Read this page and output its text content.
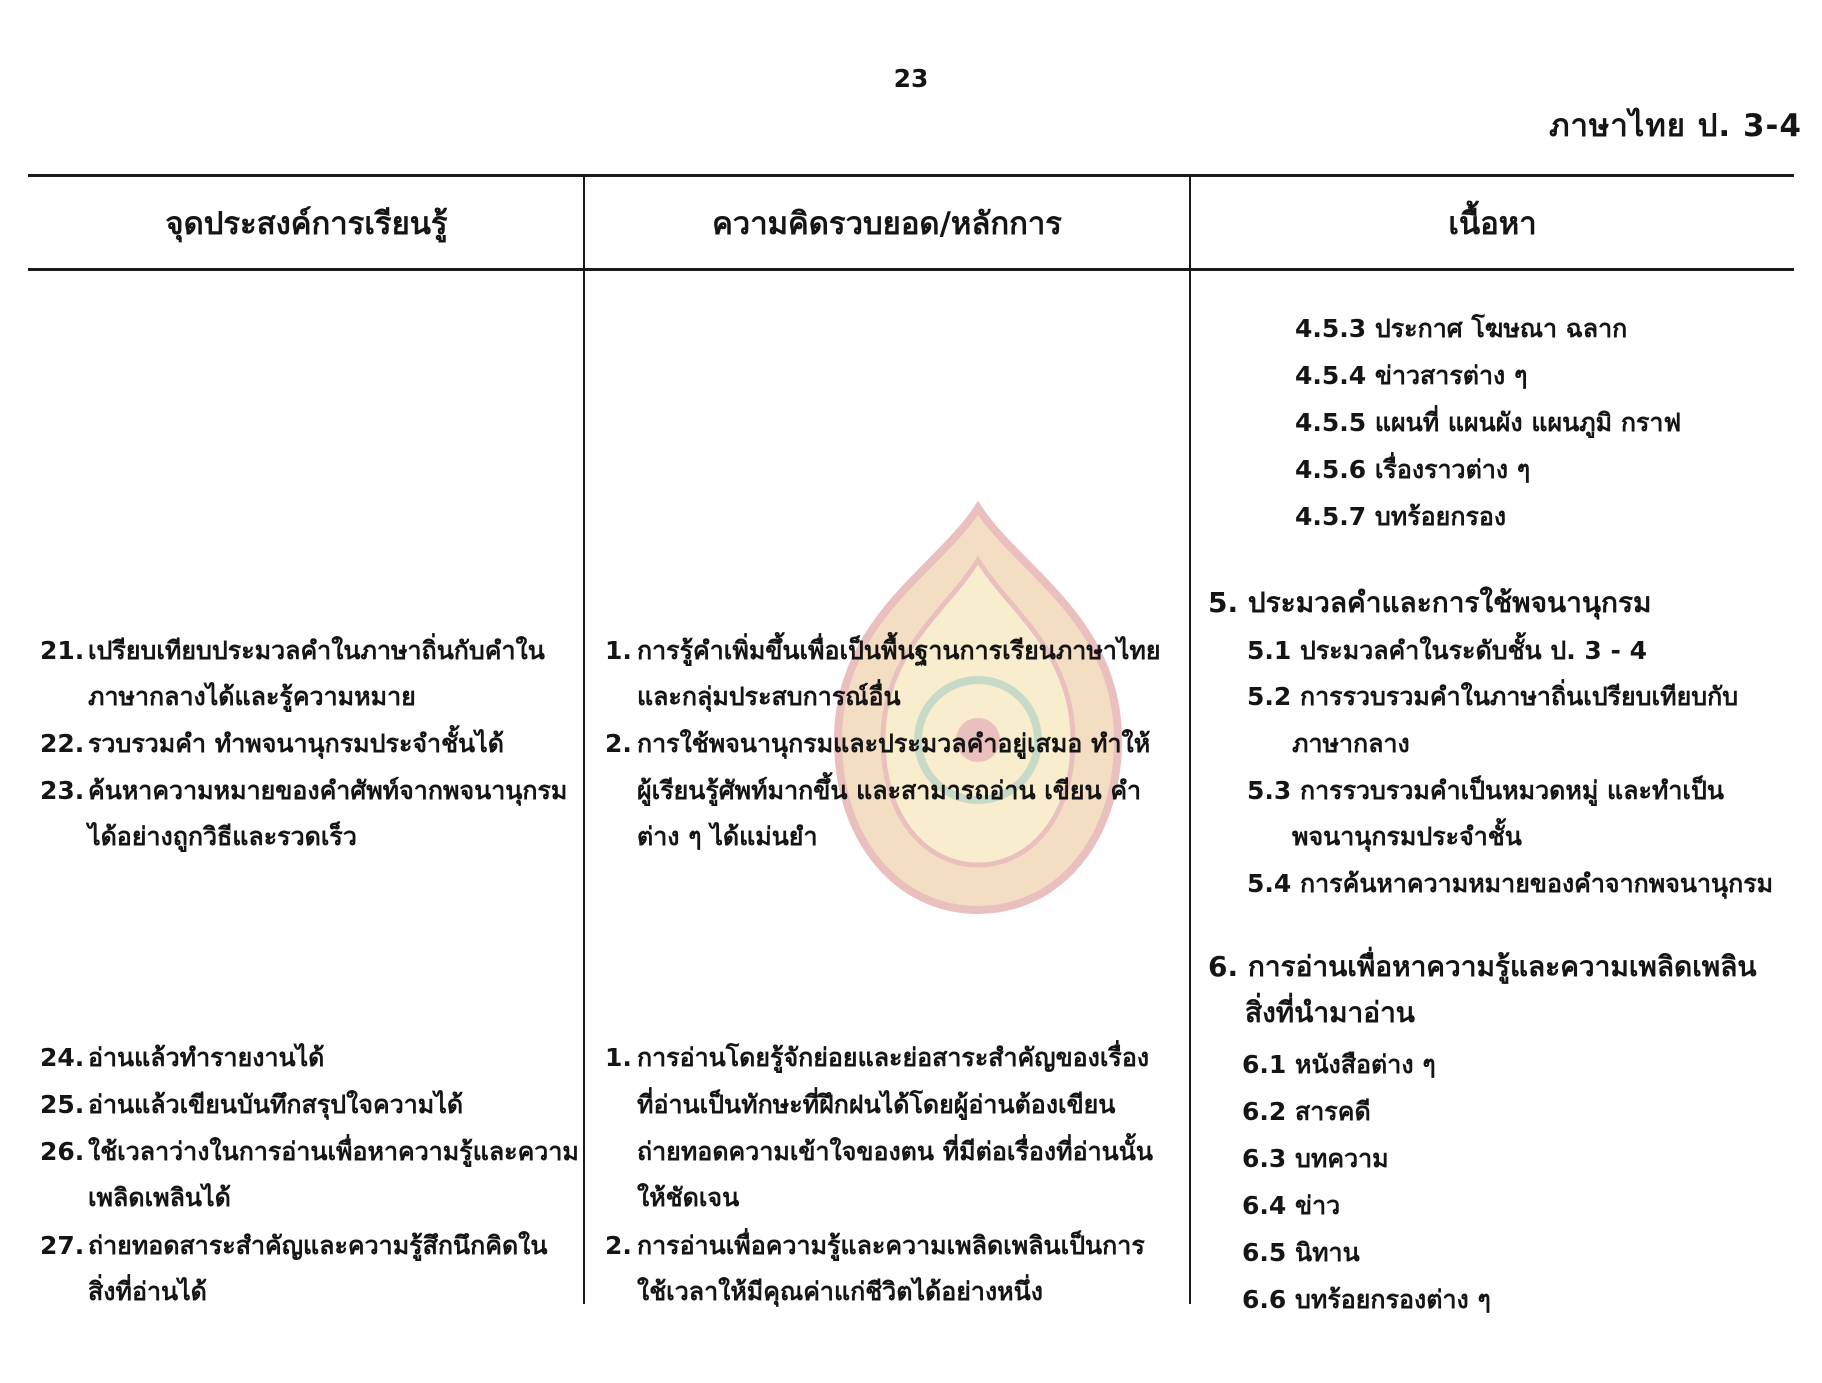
23
ภาษาไทย ป. 3-4
จุดประสงค์การเรียนรู้	ความคิดรวบยอด/หลักการ	เนื้อหา
21. เปรียบเทียบประมวลคำในภาษาถิ่นกับคำใน
ภาษากลางได้และรู้ความหมาย
22. รวบรวมคำ ทำพจนานุกรมประจำชั้นได้
23. ค้นหาความหมายของคำศัพท์จากพจนานุกรม
ได้อย่างถูกวิธีและรวดเร็ว
24. อ่านแล้วทำรายงานได้
25. อ่านแล้วเขียนบันทึกสรุปใจความได้
26. ใช้เวลาว่างในการอ่านเพื่อหาความรู้และความ
เพลิดเพลินได้
27. ถ่ายทอดสาระสำคัญและความรู้สึกนึกคิดใน
สิ่งที่อ่านได้
1. การรู้คำเพิ่มขึ้นเพื่อเป็นพื้นฐานการเรียนภาษาไทย
และกลุ่มประสบการณ์อื่น
2. การใช้พจนานุกรมและประมวลคำอยู่เสมอ ทำให้
ผู้เรียนรู้ศัพท์มากขึ้น และสามารถอ่าน เขียน คำ
ต่าง ๆ ได้แม่นยำ
1. การอ่านโดยรู้จักย่อยและย่อสาระสำคัญของเรื่อง
ที่อ่านเป็นทักษะที่ฝึกฝนได้โดยผู้อ่านต้องเขียน
ถ่ายทอดความเข้าใจของตน ที่มีต่อเรื่องที่อ่านนั้น
ให้ชัดเจน
2. การอ่านเพื่อความรู้และความเพลิดเพลินเป็นการ
ใช้เวลาให้มีคุณค่าแก่ชีวิตได้อย่างหนึ่ง
4.5.3 ประกาศ โฆษณา ฉลาก
4.5.4 ข่าวสารต่าง ๆ
4.5.5 แผนที่ แผนผัง แผนภูมิ กราฟ
4.5.6 เรื่องราวต่าง ๆ
4.5.7 บทร้อยกรอง
5. ประมวลคำและการใช้พจนานุกรม
5.1 ประมวลคำในระดับชั้น ป. 3 - 4
5.2 การรวบรวมคำในภาษาถิ่นเปรียบเทียบกับ
ภาษากลาง
5.3 การรวบรวมคำเป็นหมวดหมู่ และทำเป็น
พจนานุกรมประจำชั้น
5.4 การค้นหาความหมายของคำจากพจนานุกรม
6. การอ่านเพื่อหาความรู้และความเพลิดเพลิน
สิ่งที่นำมาอ่าน
6.1 หนังสือต่าง ๆ
6.2 สารคดี
6.3 บทความ
6.4 ข่าว
6.5 นิทาน
6.6 บทร้อยกรองต่าง ๆ
